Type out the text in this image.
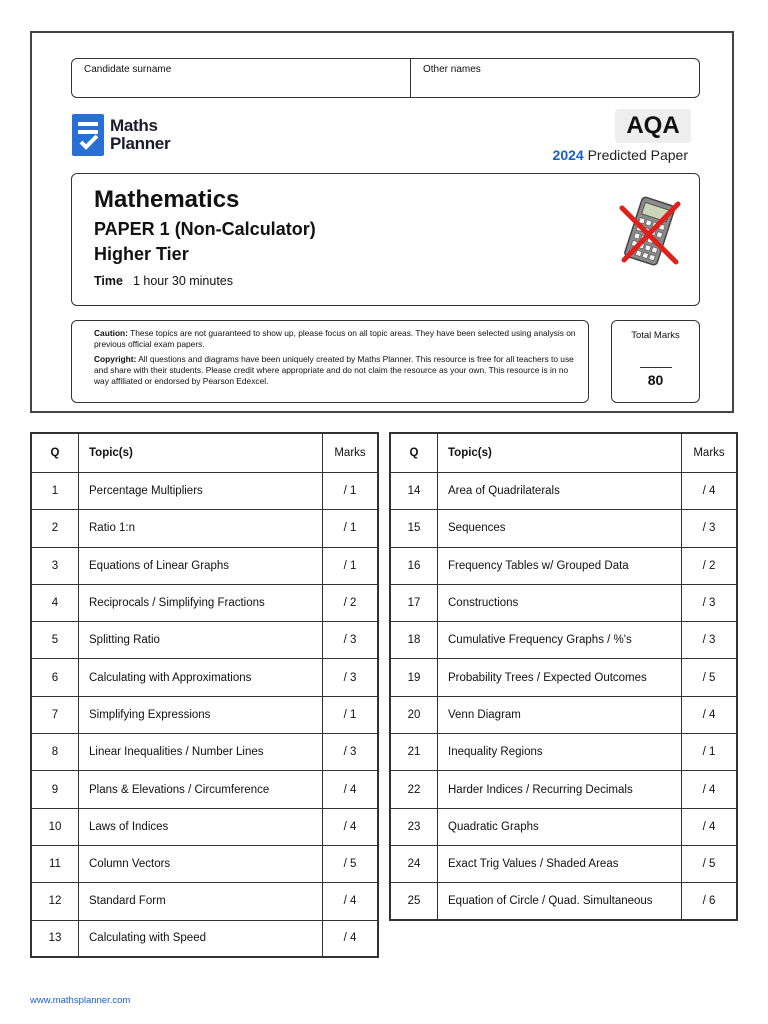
Candidate surname	Other names
Maths
Planner
AQA
2024 Predicted Paper
Mathematics
PAPER 1 (Non-Calculator)
Higher Tier
Time 1 hour 30 minutes

Caution: These topics are not guaranteed to show up, please focus on all topic areas. They have been selected using analysis on previous official exam papers.

Copyright: All questions and diagrams have been uniquely created by Maths Planner. This resource is free for all teachers to use and share with their students. Please credit where appropriate and do not claim the resource as your own. This resource is in no way affiliated or endorsed by Pearson Edexcel.

Total Marks
80
Q	Topic(s)	Marks
1	Percentage Multipliers	/ 1
2	Ratio 1:n	/ 1
3	Equations of Linear Graphs	/ 1
4	Reciprocals / Simplifying Fractions	/ 2
5	Splitting Ratio	/ 3
6	Calculating with Approximations	/ 3
7	Simplifying Expressions	/ 1
8	Linear Inequalities / Number Lines	/ 3
9	Plans & Elevations / Circumference	/ 4
10	Laws of Indices	/ 4
11	Column Vectors	/ 5
12	Standard Form	/ 4
13	Calculating with Speed	/ 4
Q	Topic(s)	Marks
14	Area of Quadrilaterals	/ 4
15	Sequences	/ 3
16	Frequency Tables w/ Grouped Data	/ 2
17	Constructions	/ 3
18	Cumulative Frequency Graphs / %'s	/ 3
19	Probability Trees / Expected Outcomes	/ 5
20	Venn Diagram	/ 4
21	Inequality Regions	/ 1
22	Harder Indices / Recurring Decimals	/ 4
23	Quadratic Graphs	/ 4
24	Exact Trig Values / Shaded Areas	/ 5
25	Equation of Circle / Quad. Simultaneous	/ 6
www.mathsplanner.com
